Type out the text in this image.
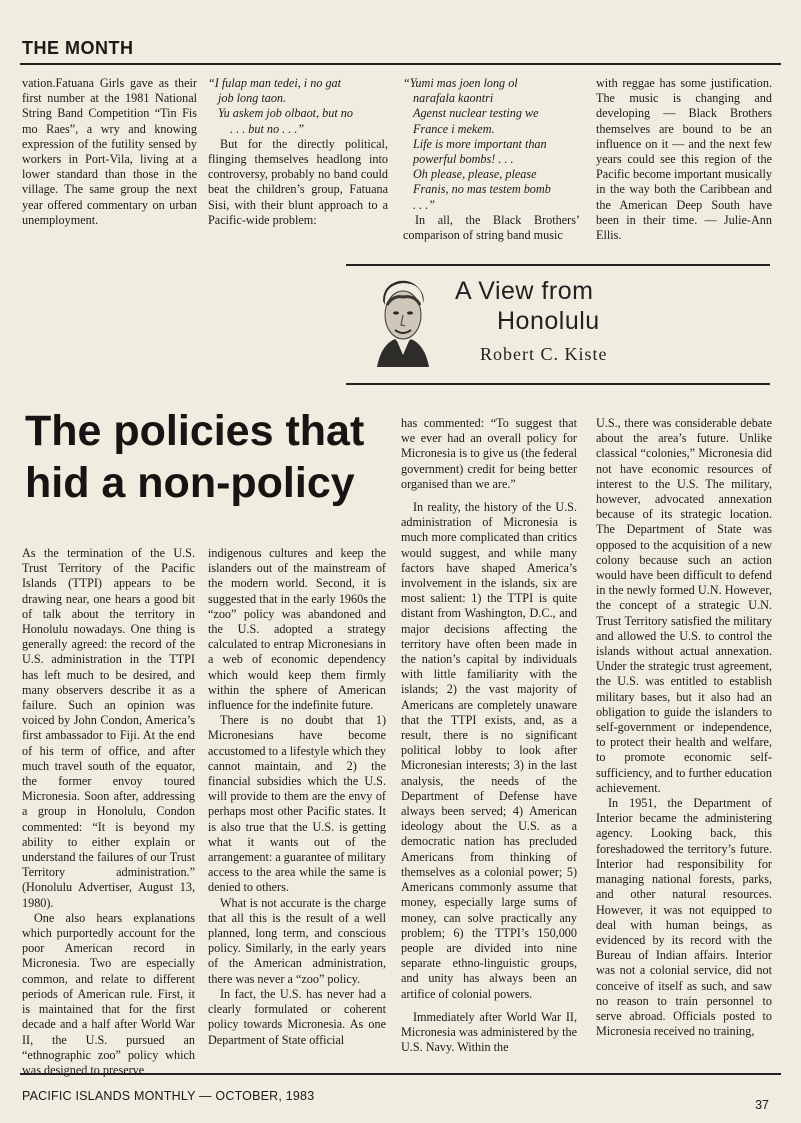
THE MONTH

vation.Fatuana Girls gave as their first number at the 1981 National String Band Competition “Tin Fis mo Raes”, a wry and knowing expression of the futility sensed by workers in Port-Vila, living at a lower standard than those in the village. The same group the next year offered commentary on urban unemployment.

“I fulap man tedei, i no gat

job long taon.

Yu askem job olbaot, but no

. . . but no . . .”

But for the directly political, flinging themselves headlong into controversy, probably no band could beat the children’s group, Fatuana Sisi, with their blunt approach to a Pacific-wide problem:

“Yumi mas joen long ol

narafala kaontri

Agenst nuclear testing we

France i mekem.

Life is more important than

powerful bombs! . . .

Oh please, please, please

Franis, no mas testem bomb

. . .”

In all, the Black Brothers’ comparison of string band music

with reggae has some justification. The music is changing and developing — Black Brothers themselves are bound to be an influence on it — and the next few years could see this region of the Pacific become important musically in the way both the Caribbean and the American Deep South have been in their time. — Julie-Ann Ellis.

A View from
Honolulu
Robert C. Kiste
The policies that hid a non-policy

As the termination of the U.S. Trust Territory of the Pacific Islands (TTPI) appears to be drawing near, one hears a good bit of talk about the territory in Honolulu nowadays. One thing is generally agreed: the record of the U.S. administration in the TTPI has left much to be desired, and many observers describe it as a failure. Such an opinion was voiced by John Condon, America’s first ambassador to Fiji. At the end of his term of office, and after much travel south of the equator, the former envoy toured Micronesia. Soon after, addressing a group in Honolulu, Condon commented: “It is beyond my ability to either explain or understand the failures of our Trust Territory administration.” (Honolulu Advertiser, August 13, 1980).

One also hears explanations which purportedly account for the poor American record in Micronesia. Two are especially common, and relate to different periods of American rule. First, it is maintained that for the first decade and a half after World War II, the U.S. pursued an “ethnographic zoo” policy which was designed to preserve

indigenous cultures and keep the islanders out of the mainstream of the modern world. Second, it is suggested that in the early 1960s the “zoo” policy was abandoned and the U.S. adopted a strategy calculated to entrap Micronesians in a web of economic dependency which would keep them firmly within the sphere of American influence for the indefinite future.

There is no doubt that 1) Micronesians have become accustomed to a lifestyle which they cannot maintain, and 2) the financial subsidies which the U.S. will provide to them are the envy of perhaps most other Pacific states. It is also true that the U.S. is getting what it wants out of the arrangement: a guarantee of military access to the area while the same is denied to others.

What is not accurate is the charge that all this is the result of a well planned, long term, and conscious policy. Similarly, in the early years of the American administration, there was never a “zoo” policy.

In fact, the U.S. has never had a clearly formulated or coherent policy towards Micronesia. As one Department of State official

has commented: “To suggest that we ever had an overall policy for Micronesia is to give us (the federal government) credit for being better organised than we are.”

In reality, the history of the U.S. administration of Micronesia is much more complicated than critics would suggest, and while many factors have shaped America’s involvement in the islands, six are most salient: 1) the TTPI is quite distant from Washington, D.C., and major decisions affecting the territory have often been made in the nation’s capital by individuals with little familiarity with the islands; 2) the vast majority of Americans are completely unaware that the TTPI exists, and, as a result, there is no significant political lobby to look after Micronesian interests; 3) in the last analysis, the needs of the Department of Defense have always been served; 4) American ideology about the U.S. as a democratic nation has precluded Americans from thinking of themselves as a colonial power; 5) Americans commonly assume that money, especially large sums of money, can solve practically any problem; 6) the TTPI’s 150,000 people are divided into nine separate ethno-linguistic groups, and unity has always been an artifice of colonial powers.

Immediately after World War II, Micronesia was administered by the U.S. Navy. Within the

U.S., there was considerable debate about the area’s future. Unlike classical “colonies,” Micronesia did not have economic resources of interest to the U.S. The military, however, advocated annexation because of its strategic location. The Department of State was opposed to the acquisition of a new colony because such an action would have been difficult to defend in the newly formed U.N. However, the concept of a strategic U.N. Trust Territory satisfied the military and allowed the U.S. to control the islands without actual annexation. Under the strategic trust agreement, the U.S. was entitled to establish military bases, but it also had an obligation to guide the islanders to self-government or independence, to protect their health and welfare, to promote economic self-sufficiency, and to further education achievement.

In 1951, the Department of Interior became the administering agency. Looking back, this foreshadowed the territory’s future. Interior had responsibility for managing national forests, parks, and other natural resources. However, it was not equipped to deal with human beings, as evidenced by its record with the Bureau of Indian affairs. Interior was not a colonial service, did not conceive of itself as such, and saw no reason to train personnel to serve abroad. Officials posted to Micronesia received no training,

PACIFIC ISLANDS MONTHLY — OCTOBER, 1983
37
